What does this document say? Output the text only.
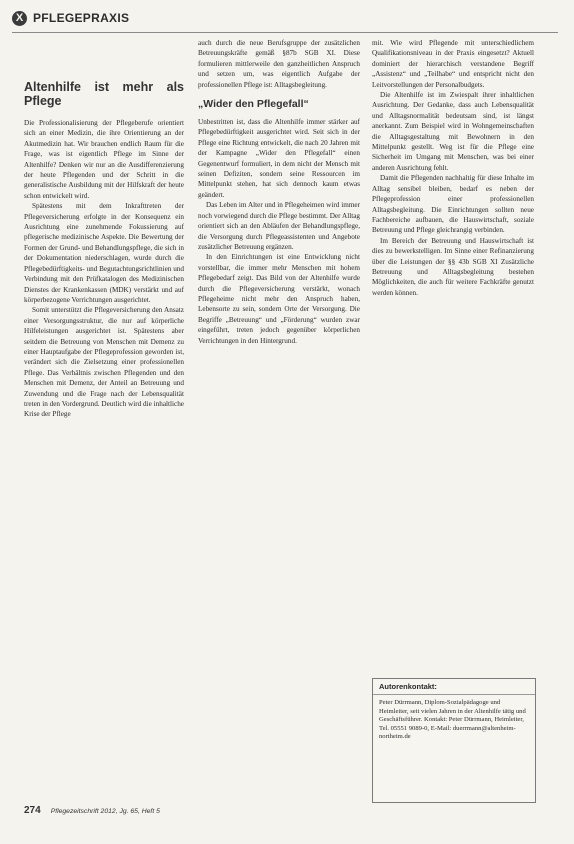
X PFLEGEPRAXIS
Altenhilfe ist mehr als Pflege

Die Professionalisierung der Pflegeberufe orientiert sich an einer Medizin, die ihre Orientierung an der Akutmedizin hat. Wir brauchen endlich Raum für die Frage, was ist eigentlich Pflege im Sinne der Altenhilfe? Denken wir nur an die Ausdifferenzierung der heute Pflegenden und der Schritt in die generalistische Ausbildung mit der Hilfskraft der heute schon entwickelt wird.

Spätestens mit dem Inkrafttreten der Pflegeversicherung erfolgte in der Konsequenz ein Ausrichtung eine zunehmende Fokussierung auf pflegerische medizinische Aspekte. Die Bewertung der Formen der Grund- und Behandlungspflege, die sich in der Dokumentation niederschlagen, wurde durch die Pflegebedürftigkeits- und Begutachtungsrichtlinien und Verbindung mit den Prüfkatalogen des Medizinischen Dienstes der Krankenkassen (MDK) verstärkt und auf körperbezogene Verrichtungen ausgerichtet.

Somit unterstützt die Pflegeversicherung den Ansatz einer Versorgungsstruktur, die nur auf körperliche Hilfeleistungen ausgerichtet ist. Spätestens aber seitdem die Betreuung von Menschen mit Demenz zu einer Hauptaufgabe der Pflegeprofession geworden ist, verändert sich die Zielsetzung einer professionellen Pflege. Das Verhältnis zwischen Pflegenden und den Menschen mit Demenz, der Anteil an Betreuung und Zuwendung und die Frage nach der Lebensqualität treten in den Vordergrund. Deutlich wird die inhaltliche Krise der Pflege

auch durch die neue Berufsgruppe der zusätzlichen Betreuungskräfte gemäß §87b SGB XI. Diese formulieren mittlerweile den ganzheitlichen Anspruch und setzen um, was eigentlich Aufgabe der professionellen Pflege ist: Alltagsbegleitung.

„Wider den Pflegefall“

Unbestritten ist, dass die Altenhilfe immer stärker auf Pflegebedürftigkeit ausgerichtet wird. Seit sich in der Pflege eine Richtung entwickelt, die nach 20 Jahren mit der Kampagne „Wider den Pflegefall“ einen Gegenentwurf formuliert, in dem nicht der Mensch mit seinen Defiziten, sondern seine Ressourcen im Mittelpunkt stehen, hat sich dennoch kaum etwas geändert.

Das Leben im Alter und in Pflegeheimen wird immer noch vorwiegend durch die Pflege bestimmt. Der Alltag orientiert sich an den Abläufen der Behandlungspflege, die Versorgung durch Pflegeassistenten und Angebote zusätzlicher Betreuung ergänzen.

In den Einrichtungen ist eine Entwicklung nicht vorstellbar, die immer mehr Menschen mit hohem Pflegebedarf zeigt. Das Bild von der Altenhilfe wurde durch die Pflegeversicherung verstärkt, wonach Pflegeheime nicht mehr den Anspruch haben, Lebensorte zu sein, sondern Orte der Versorgung. Die Begriffe „Betreuung“ und „Förderung“ wurden zwar eingeführt, treten jedoch gegenüber körperlichen Verrichtungen in den Hintergrund.

mit. Wie wird Pflegende mit unterschiedlichem Qualifikationsniveau in der Praxis eingesetzt? Aktuell dominiert der hierarchisch verstandene Begriff „Assistenz“ und „Teilhabe“ und entspricht nicht den Leitvorstellungen der Personalbudgets.

Die Altenhilfe ist im Zwiespalt ihrer inhaltlichen Ausrichtung. Der Gedanke, dass auch Lebensqualität und Alltagsnormalität bedeutsam sind, ist längst anerkannt. Zum Beispiel wird in Wohngemeinschaften die Alltagsgestaltung mit Bewohnern in den Mittelpunkt gestellt. Weg ist für die Pflege eine Sicherheit im Umgang mit Menschen, was bei einer anderen Ausrichtung fehlt.

Damit die Pflegenden nachhaltig für diese Inhalte im Alltag sensibel bleiben, bedarf es neben der Pflegeprofession einer professionellen Alltagsbegleitung. Die Einrichtungen sollten neue Fachbereiche aufbauen, die Hauswirtschaft, soziale Betreuung und Pflege gleichrangig verbinden.

Im Bereich der Betreuung und Hauswirtschaft ist dies zu bewerkstelligen. Im Sinne einer Refinanzierung über die Leistungen der §§ 43b SGB XI Zusätzliche Betreuung und Alltagsbegleitung bestehen Möglichkeiten, die auch für weitere Fachkräfte genutzt werden können.

Autorenkontakt:
Peter Dürrmann, Diplom-Sozialpädagoge und Heimleiter, seit vielen Jahren in der Altenhilfe tätig und Geschäftsführer. Kontakt: Peter Dürrmann, Heimleiter, Tel. 05551 9089-0, E-Mail: duerrmann@altenheim-northeim.de
274 Pflegezeitschrift 2012, Jg. 65, Heft 5
